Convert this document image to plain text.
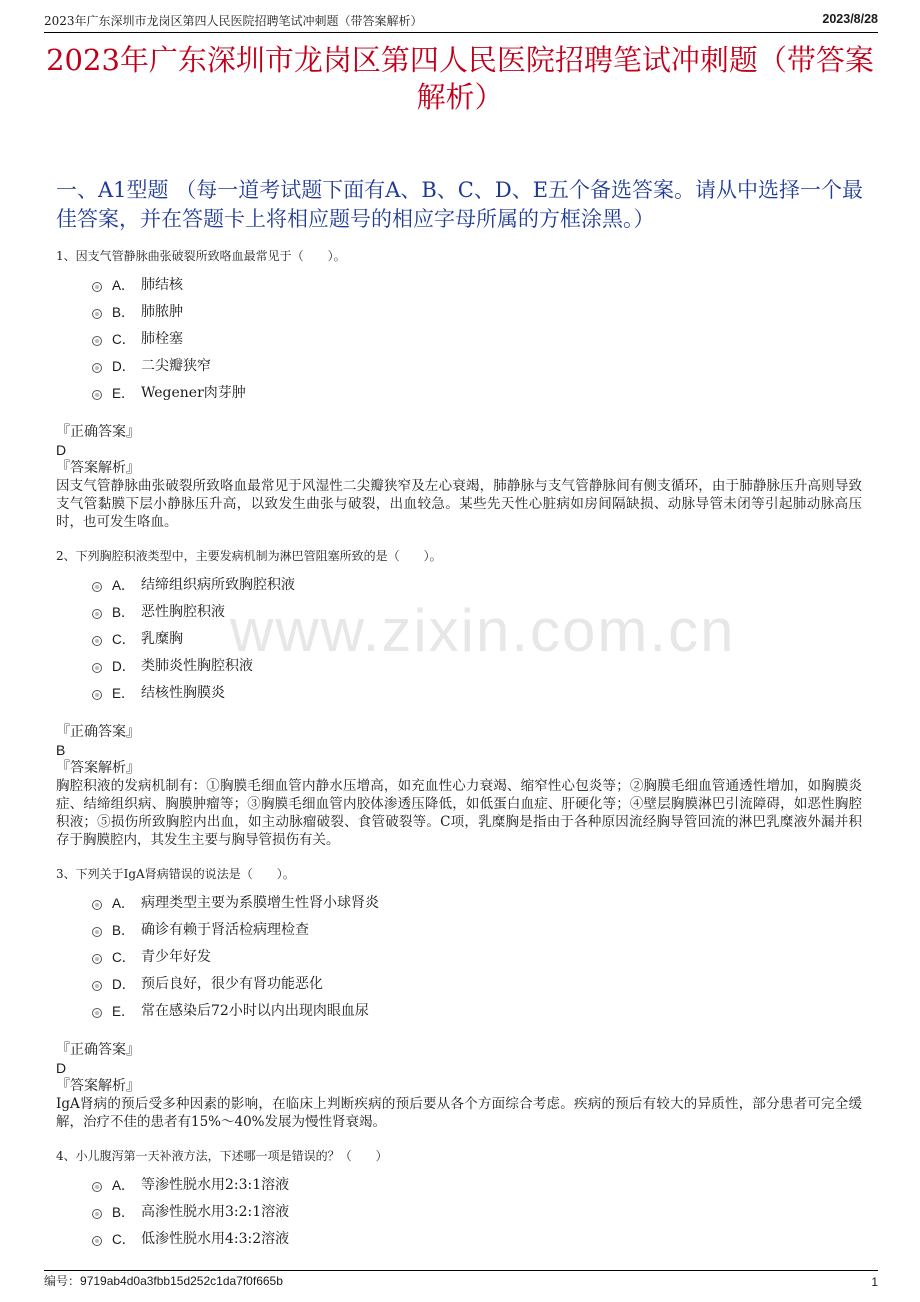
2023年广东深圳市龙岗区第四人民医院招聘笔试冲刺题（带答案解析）	2023/8/28
2023年广东深圳市龙岗区第四人民医院招聘笔试冲刺题（带答案解析）
一、A1型题 （每一道考试题下面有A、B、C、D、E五个备选答案。请从中选择一个最佳答案，并在答题卡上将相应题号的相应字母所属的方框涂黑。）

1、因支气管静脉曲张破裂所致咯血最常见于（　　）。

A． 肺结核
B． 肺脓肿
C． 肺栓塞
D． 二尖瓣狭窄
E． Wegener肉芽肿

『正确答案』

D

『答案解析』

因支气管静脉曲张破裂所致咯血最常见于风湿性二尖瓣狭窄及左心衰竭，肺静脉与支气管静脉间有侧支循环，由于肺静脉压升高则导致支气管黏膜下层小静脉压升高，以致发生曲张与破裂，出血较急。某些先天性心脏病如房间隔缺损、动脉导管未闭等引起肺动脉高压时，也可发生咯血。

2、下列胸腔积液类型中，主要发病机制为淋巴管阻塞所致的是（　　）。

A． 结缔组织病所致胸腔积液
B． 恶性胸腔积液
C． 乳糜胸
D． 类肺炎性胸腔积液
E． 结核性胸膜炎

『正确答案』

B

『答案解析』

胸腔积液的发病机制有：①胸膜毛细血管内静水压增高，如充血性心力衰竭、缩窄性心包炎等；②胸膜毛细血管通透性增加，如胸膜炎症、结缔组织病、胸膜肿瘤等；③胸膜毛细血管内胶体渗透压降低，如低蛋白血症、肝硬化等；④壁层胸膜淋巴引流障碍，如恶性胸腔积液；⑤损伤所致胸腔内出血，如主动脉瘤破裂、食管破裂等。C项，乳糜胸是指由于各种原因流经胸导管回流的淋巴乳糜液外漏并积存于胸膜腔内，其发生主要与胸导管损伤有关。

3、下列关于IgA肾病错误的说法是（　　）。

A． 病理类型主要为系膜增生性肾小球肾炎
B． 确诊有赖于肾活检病理检查
C． 青少年好发
D． 预后良好，很少有肾功能恶化
E． 常在感染后72小时以内出现肉眼血尿

『正确答案』

D

『答案解析』

IgA肾病的预后受多种因素的影响，在临床上判断疾病的预后要从各个方面综合考虑。疾病的预后有较大的异质性，部分患者可完全缓解，治疗不佳的患者有15%～40%发展为慢性肾衰竭。

4、小儿腹泻第一天补液方法，下述哪一项是错误的？（　　）

A． 等渗性脱水用2:3:1溶液
B． 高渗性脱水用3:2:1溶液
C． 低渗性脱水用4:3:2溶液
www.zixin.com.cn
编号：9719ab4d0a3fbb15d252c1da7f0f665b	1
